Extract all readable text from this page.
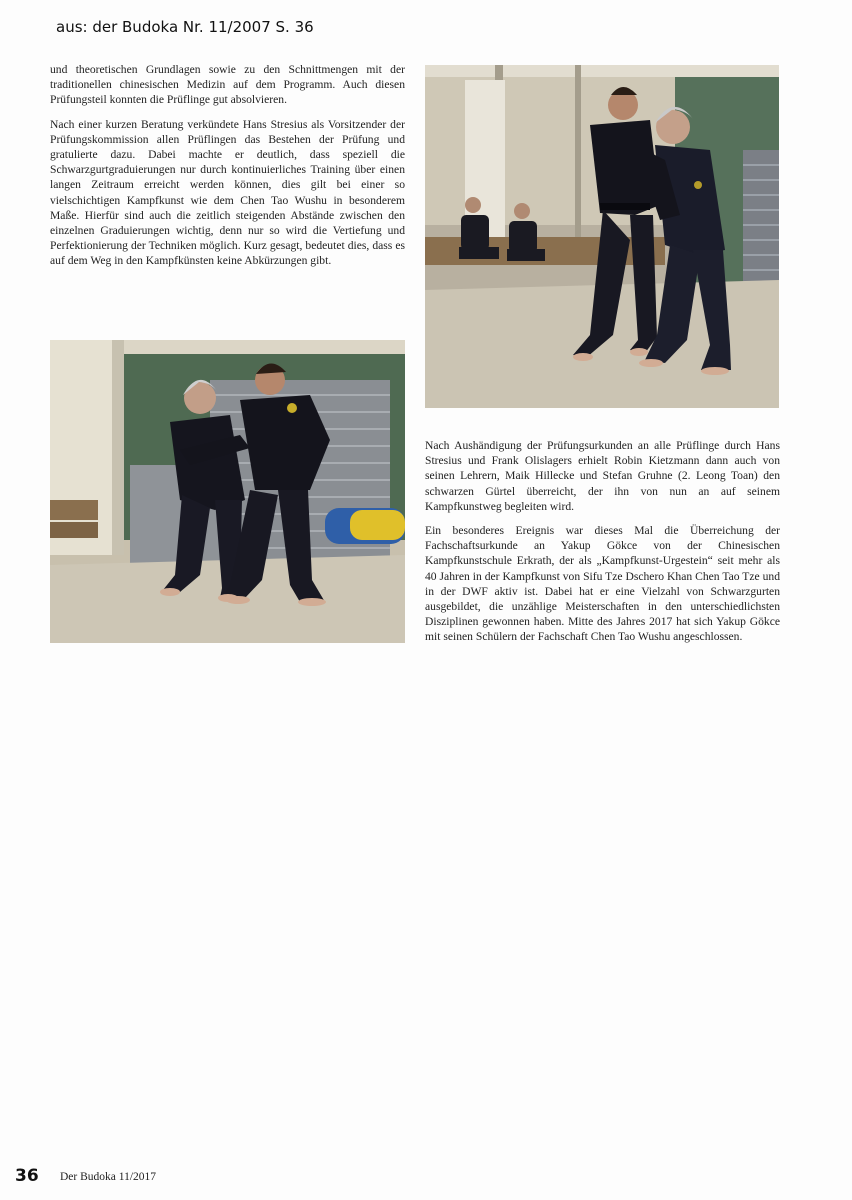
aus: der Budoka Nr. 11/2007 S. 36

und theoretischen Grundlagen sowie zu den Schnittmengen mit der traditionellen chinesischen Medizin auf dem Programm. Auch diesen Prüfungsteil konnten die Prüflinge gut absolvieren.

Nach einer kurzen Beratung verkündete Hans Stresius als Vorsitzender der Prüfungskommission allen Prüflingen das Bestehen der Prüfung und gratulierte dazu. Dabei machte er deutlich, dass speziell die Schwarzgurtgraduierungen nur durch kontinuierliches Training über einen langen Zeitraum erreicht werden können, dies gilt bei einer so vielschichtigen Kampfkunst wie dem Chen Tao Wushu in besonderem Maße. Hierfür sind auch die zeitlich steigenden Abstände zwischen den einzelnen Graduierungen wichtig, denn nur so wird die Vertiefung und Perfektionierung der Techniken möglich. Kurz gesagt, bedeutet dies, dass es auf dem Weg in den Kampfkünsten keine Abkürzungen gibt.

Nach Aushändigung der Prüfungsurkunden an alle Prüflinge durch Hans Stresius und Frank Olislagers erhielt Robin Kietzmann dann auch von seinen Lehrern, Maik Hillecke und Stefan Gruhne (2. Leong Toan) den schwarzen Gürtel überreicht, der ihn von nun an auf seinem Kampfkunstweg begleiten wird.

Ein besonderes Ereignis war dieses Mal die Überreichung der Fachschaftsurkunde an Yakup Gökce von der Chinesischen Kampfkunstschule Erkrath, der als „Kampfkunst-Urgestein“ seit mehr als 40 Jahren in der Kampfkunst von Sifu Tze Dschero Khan Chen Tao Tze und in der DWF aktiv ist. Dabei hat er eine Vielzahl von Schwarzgurten ausgebildet, die unzählige Meisterschaften in den unterschiedlichsten Disziplinen gewonnen haben. Mitte des Jahres 2017 hat sich Yakup Gökce mit seinen Schülern der Fachschaft Chen Tao Wushu angeschlossen.

36 Der Budoka 11/2017
